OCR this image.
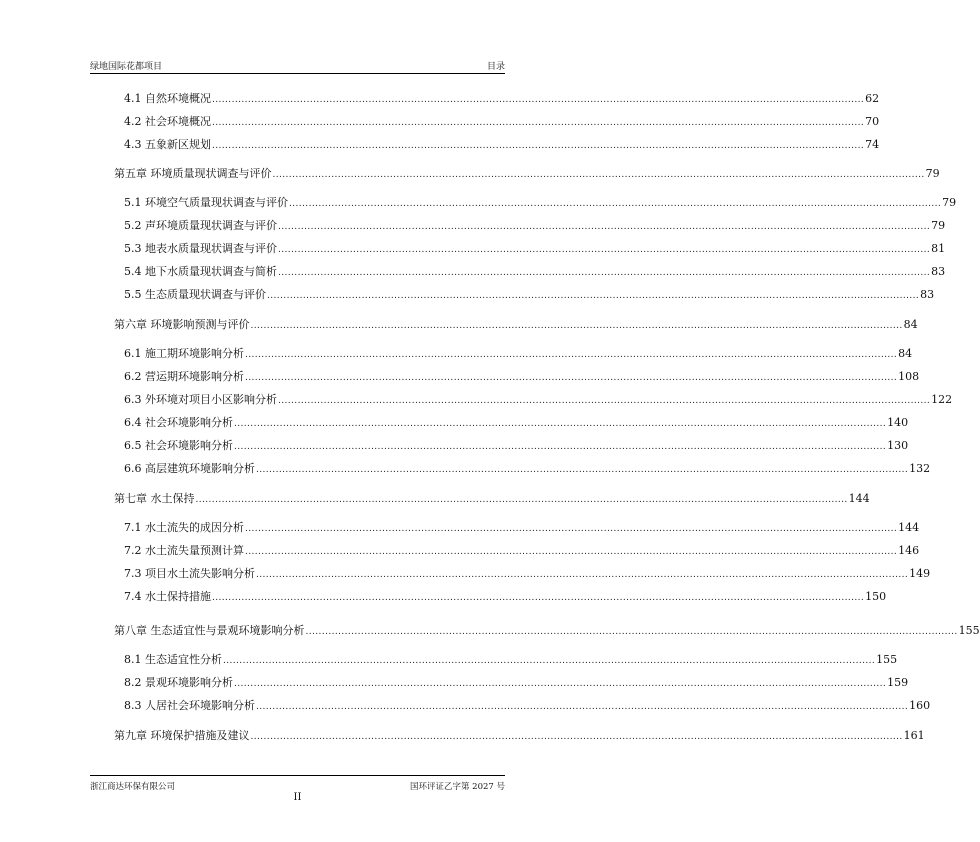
绿地国际花都项目	目录
4.1 自然环境概况 ........................................................................................................................................................................................................ 62
4.2 社会环境概况 ........................................................................................................................................................................................................ 70
4.3 五象新区规划 ........................................................................................................................................................................................................ 74
第五章 环境质量现状调查与评价 ........................................................................................................................................................................................................ 79
5.1 环境空气质量现状调查与评价 ........................................................................................................................................................................................................ 79
5.2 声环境质量现状调查与评价 ........................................................................................................................................................................................................ 79
5.3 地表水质量现状调查与评价 ........................................................................................................................................................................................................ 81
5.4 地下水质量现状调查与简析 ........................................................................................................................................................................................................ 83
5.5 生态质量现状调查与评价 ........................................................................................................................................................................................................ 83
第六章 环境影响预测与评价 ........................................................................................................................................................................................................ 84
6.1 施工期环境影响分析 ........................................................................................................................................................................................................ 84
6.2 营运期环境影响分析 ........................................................................................................................................................................................................ 108
6.3 外环境对项目小区影响分析 ........................................................................................................................................................................................................ 122
6.4 社会环境影响分析 ........................................................................................................................................................................................................ 140
6.5 社会环境影响分析 ........................................................................................................................................................................................................ 130
6.6 高层建筑环境影响分析 ........................................................................................................................................................................................................ 132
第七章 水土保持 ........................................................................................................................................................................................................ 144
7.1 水土流失的成因分析 ........................................................................................................................................................................................................ 144
7.2 水土流失量预测计算 ........................................................................................................................................................................................................ 146
7.3 项目水土流失影响分析 ........................................................................................................................................................................................................ 149
7.4 水土保持措施 ........................................................................................................................................................................................................ 150
第八章 生态适宜性与景观环境影响分析 ........................................................................................................................................................................................................ 155
8.1 生态适宜性分析 ........................................................................................................................................................................................................ 155
8.2 景观环境影响分析 ........................................................................................................................................................................................................ 159
8.3 人居社会环境影响分析 ........................................................................................................................................................................................................ 160
第九章 环境保护措施及建议 ........................................................................................................................................................................................................ 161
浙江商达环保有限公司	国环评证乙字第 2027 号
II
